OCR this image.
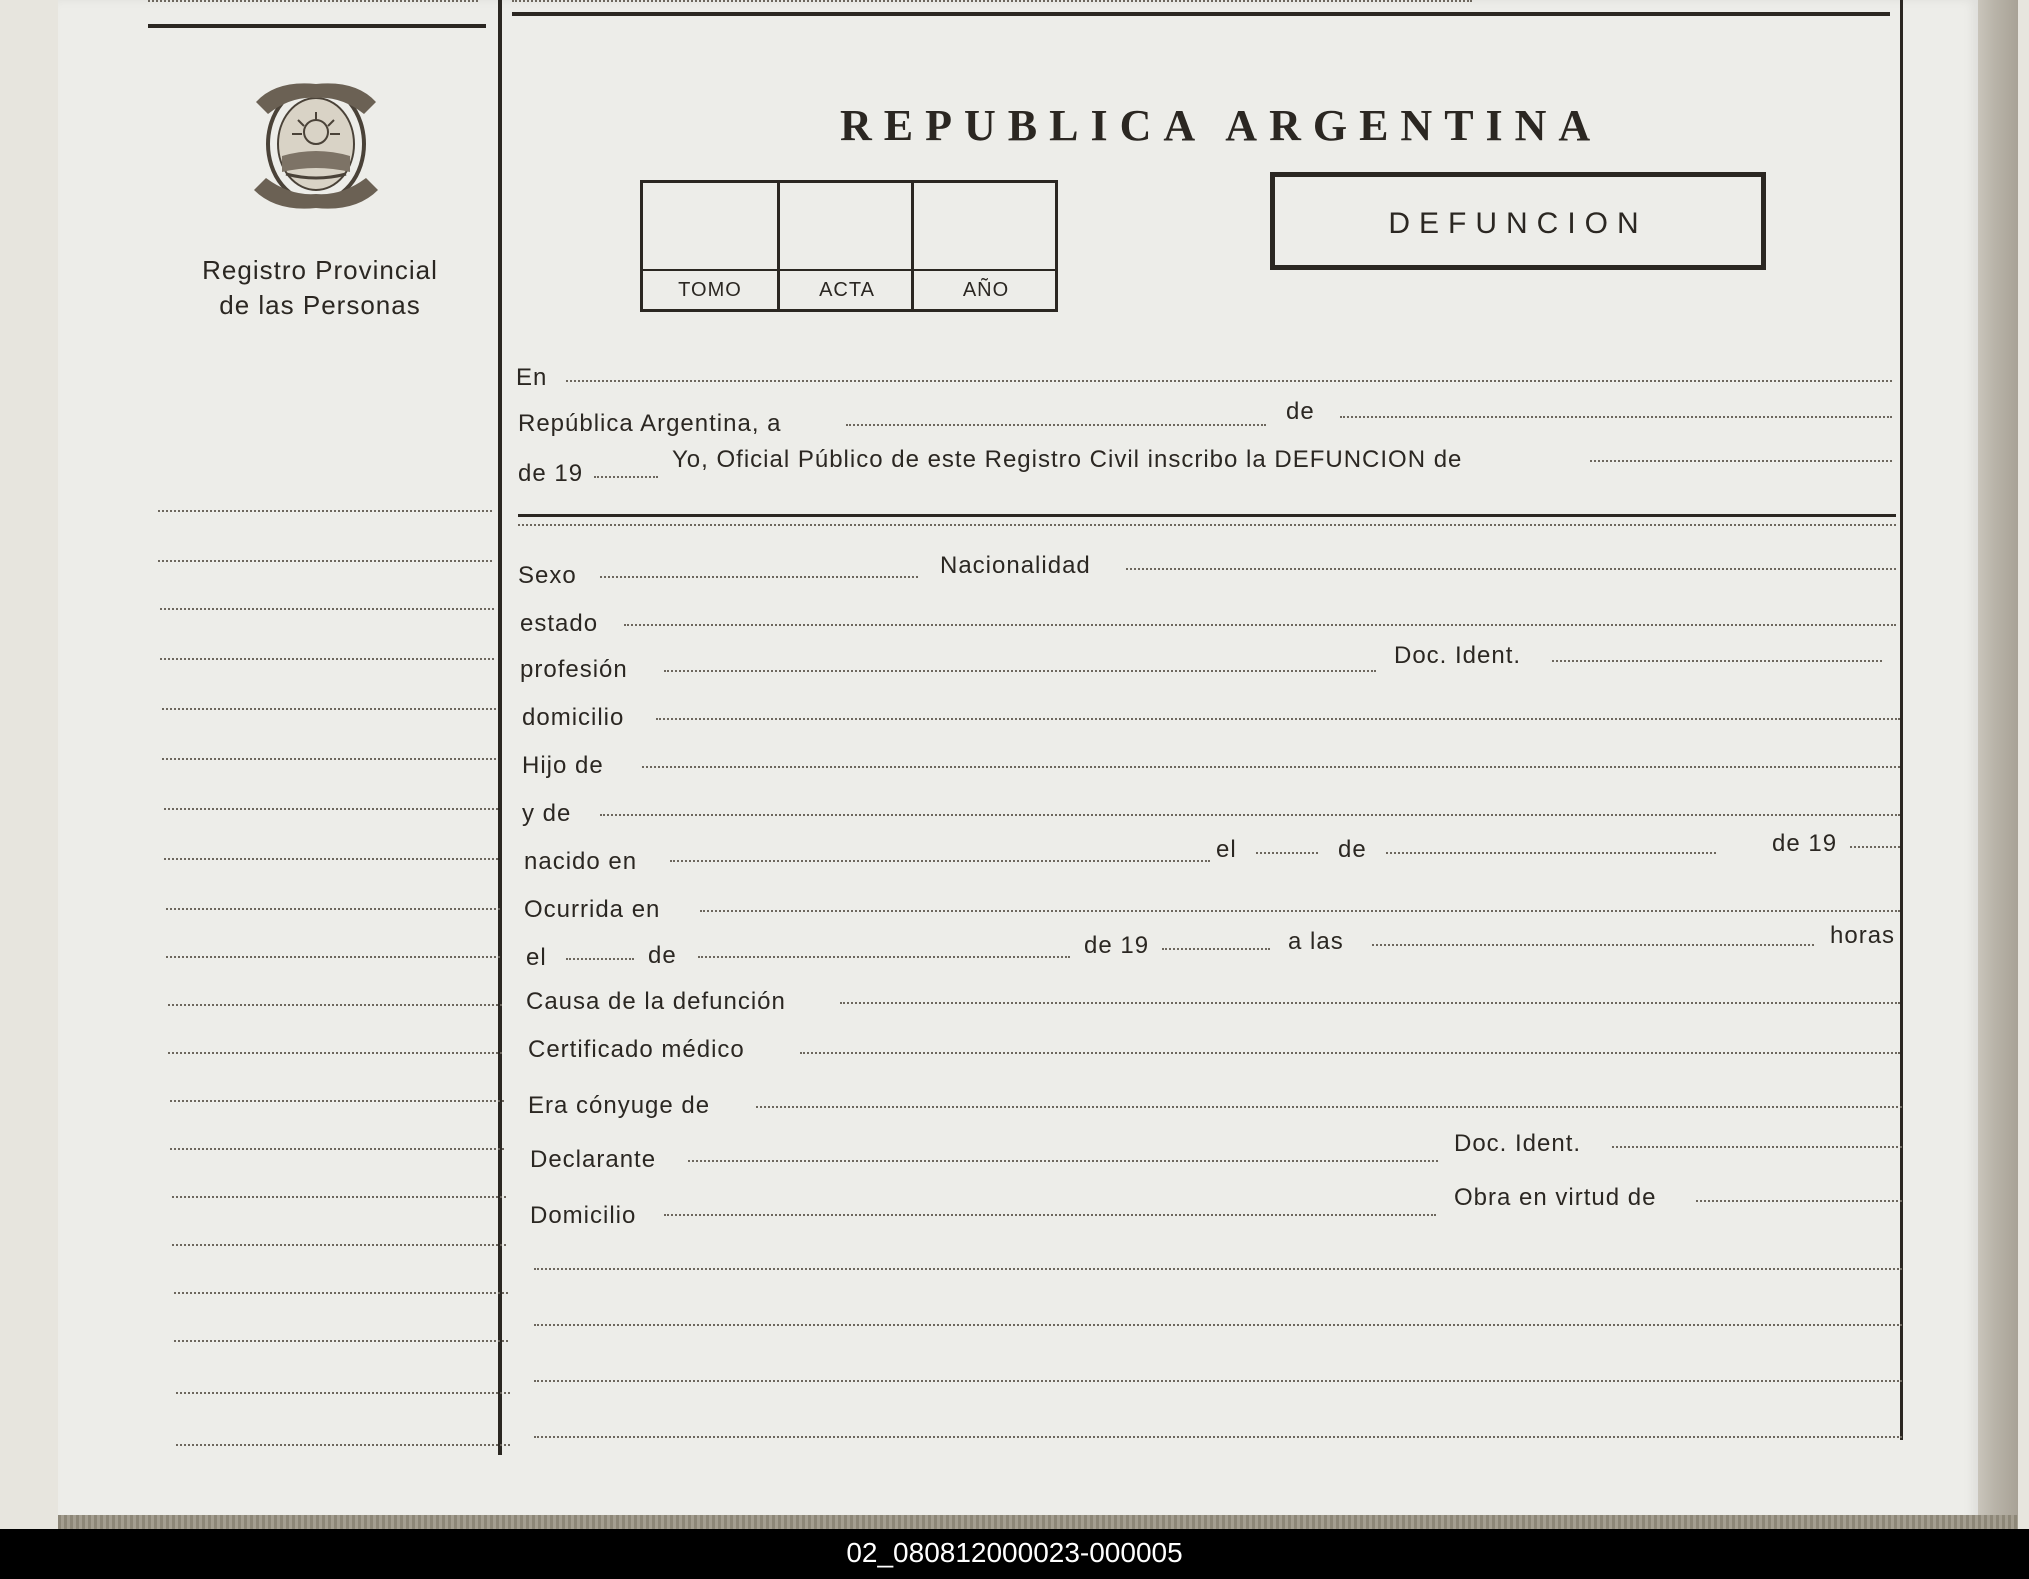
Registro Provincial
de las Personas
REPUBLICA ARGENTINA
TOMO	ACTA	AÑO
DEFUNCION
En
República Argentina, a	de
de 19
Yo, Oficial Público de este Registro Civil inscribo la DEFUNCION de
Sexo	Nacionalidad
estado
profesión
Doc. Ident.
domicilio
Hijo de
y de
nacido en	el	de	de 19
Ocurrida en
el	de	de 19	a las	horas
Causa de la defunción
Certificado médico
Era cónyuge de
Declarante
Doc. Ident.
Domicilio
Obra en virtud de
02_080812000023-000005
